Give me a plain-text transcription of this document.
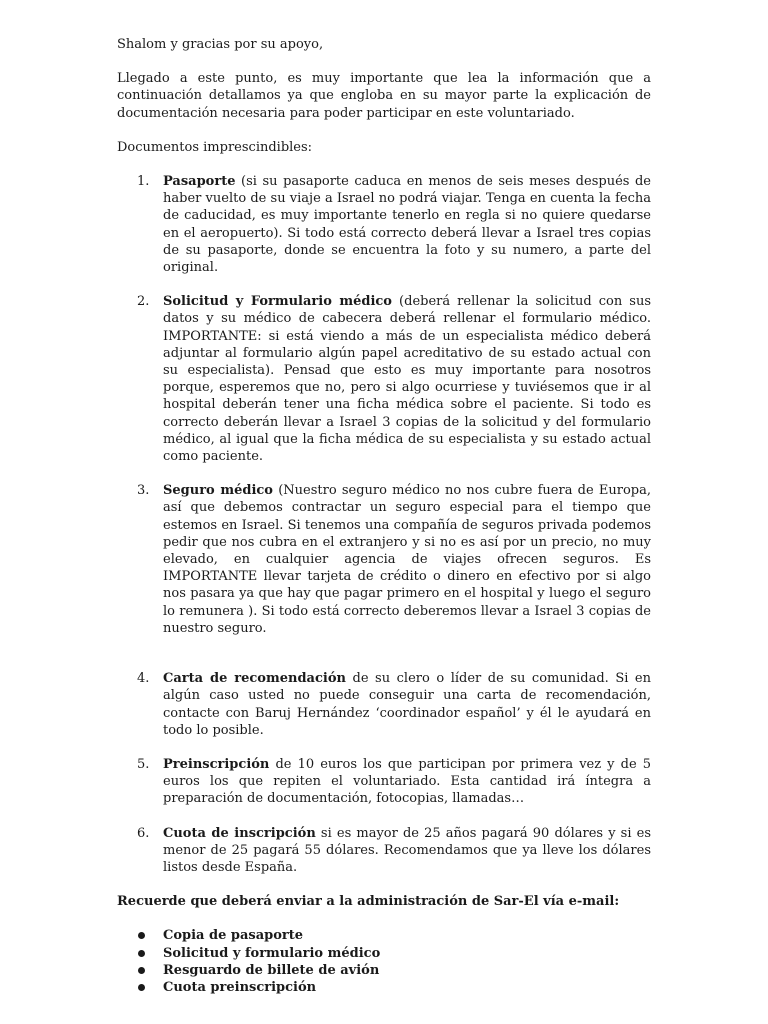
Shalom y gracias por su apoyo,

Llegado a este punto, es muy importante que lea la información que a continuación detallamos ya que engloba en su mayor parte la explicación de documentación necesaria para poder participar en este voluntariado.

Documentos imprescindibles:

1. Pasaporte (si su pasaporte caduca en menos de seis meses después de haber vuelto de su viaje a Israel no podrá viajar. Tenga en cuenta la fecha de caducidad, es muy importante tenerlo en regla si no quiere quedarse en el aeropuerto). Si todo está correcto deberá llevar a Israel tres copias de su pasaporte, donde se encuentra la foto y su numero, a parte del original.
2. Solicitud y Formulario médico (deberá rellenar la solicitud con sus datos y su médico de cabecera deberá rellenar el formulario médico. IMPORTANTE: si está viendo a más de un especialista médico deberá adjuntar al formulario algún papel acreditativo de su estado actual con su especialista). Pensad que esto es muy importante para nosotros porque, esperemos que no, pero si algo ocurriese y tuviésemos que ir al hospital deberán tener una ficha médica sobre el paciente. Si todo es correcto deberán llevar a Israel 3 copias de la solicitud y del formulario médico, al igual que la ficha médica de su especialista y su estado actual como paciente.
3. Seguro médico (Nuestro seguro médico no nos cubre fuera de Europa, así que debemos contractar un seguro especial para el tiempo que estemos en Israel. Si tenemos una compañía de seguros privada podemos pedir que nos cubra en el extranjero y si no es así por un precio, no muy elevado, en cualquier agencia de viajes ofrecen seguros. Es IMPORTANTE llevar tarjeta de crédito o dinero en efectivo por si algo nos pasara ya que hay que pagar primero en el hospital y luego el seguro lo remunera ). Si todo está correcto deberemos llevar a Israel 3 copias de nuestro seguro.
4. Carta de recomendación de su clero o líder de su comunidad. Si en algún caso usted no puede conseguir una carta de recomendación, contacte con Baruj Hernández ‘coordinador español’ y él le ayudará en todo lo posible.
5. Preinscripción de 10 euros los que participan por primera vez y de 5 euros los que repiten el voluntariado. Esta cantidad irá íntegra a preparación de documentación, fotocopias, llamadas…
6. Cuota de inscripción si es mayor de 25 años pagará 90 dólares y si es menor de 25 pagará 55 dólares. Recomendamos que ya lleve los dólares listos desde España.

Recuerde que deberá enviar a la administración de Sar-El vía e-mail:

Copia de pasaporte
Solicitud y formulario médico
Resguardo de billete de avión
Cuota preinscripción
